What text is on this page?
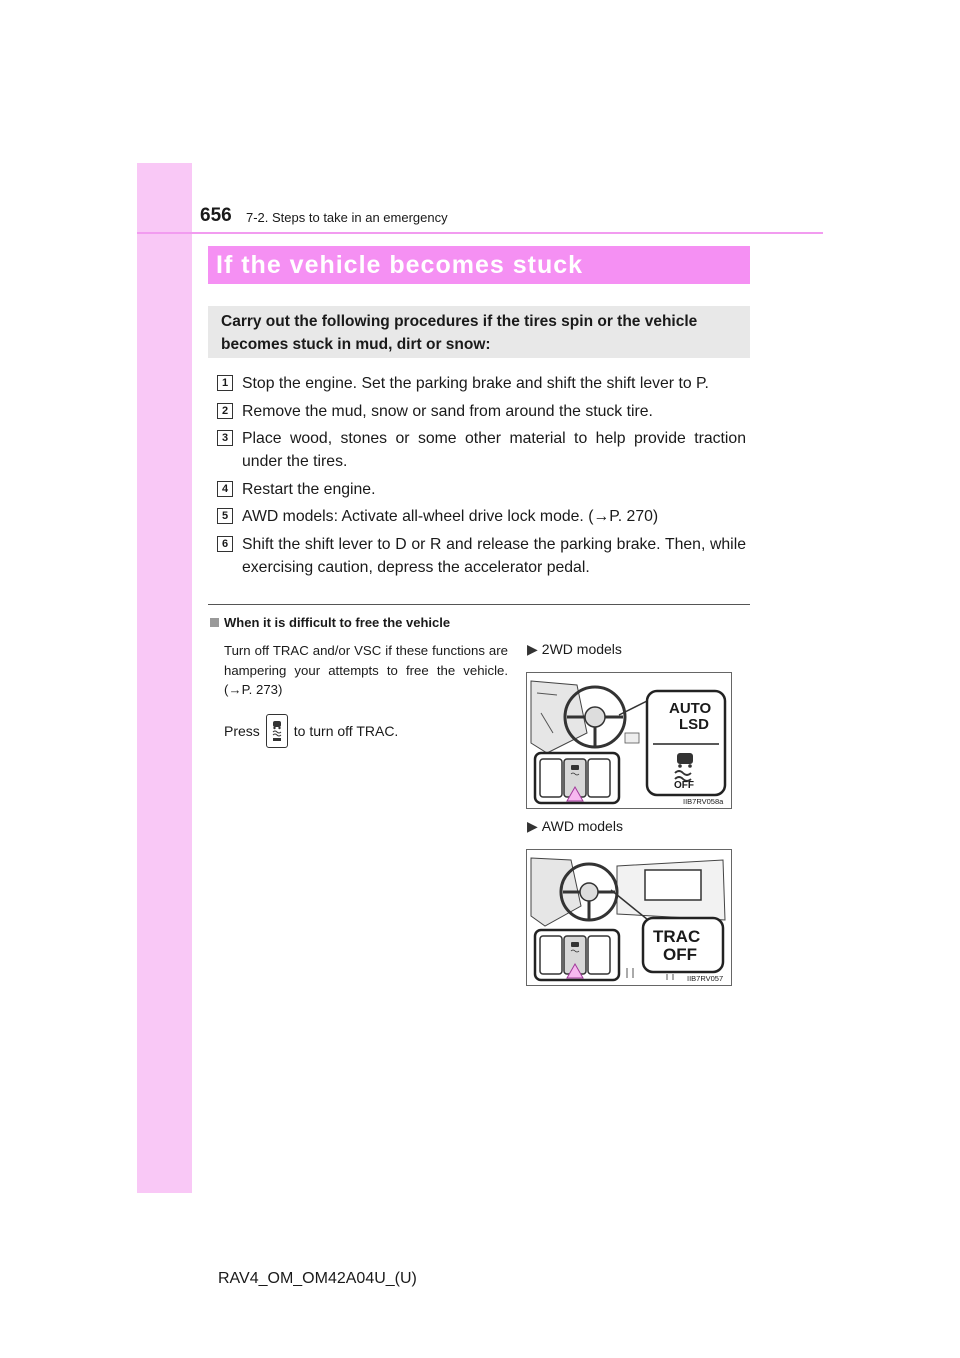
656 7-2. Steps to take in an emergency
If the vehicle becomes stuck
Carry out the following procedures if the tires spin or the vehicle becomes stuck in mud, dirt or snow:
1 Stop the engine. Set the parking brake and shift the shift lever to P.
2 Remove the mud, snow or sand from around the stuck tire.
3 Place wood, stones or some other material to help provide traction under the tires.
4 Restart the engine.
5 AWD models: Activate all-wheel drive lock mode. (→P. 270)
6 Shift the shift lever to D or R and release the parking brake. Then, while exercising caution, depress the accelerator pedal.
When it is difficult to free the vehicle
Turn off TRAC and/or VSC if these functions are hampering your attempts to free the vehicle. (→P. 273)
Press to turn off TRAC.
▶ 2WD models
AUTO
LSD
OFF
IIB7RV058a
▶ AWD models
TRAC
OFF
IIB7RV057
RAV4_OM_OM42A04U_(U)
